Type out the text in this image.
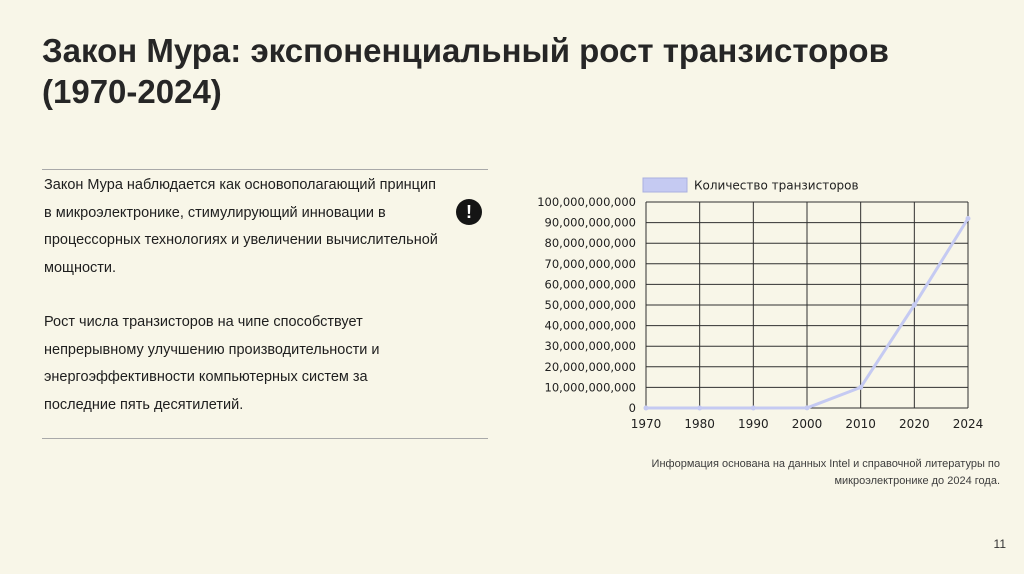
Закон Мура: экспоненциальный рост транзисторов (1970-2024)

Закон Мура наблюдается как основополагающий принцип в микроэлектронике, стимулирующий инновации в процессорных технологиях и увеличении вычислительной мощности.

Рост числа транзисторов на чипе способствует непрерывному улучшению производительности и энергоэффективности компьютерных систем за последние пять десятилетий.

!
0
10,000,000,000
20,000,000,000
30,000,000,000
40,000,000,000
50,000,000,000
60,000,000,000
70,000,000,000
80,000,000,000
90,000,000,000
100,000,000,000
1970 1980 1990 2000 2010 2020 2024
Количество транзисторов
Информация основана на данных Intel и справочной литературы по микроэлектронике до 2024 года.
11
